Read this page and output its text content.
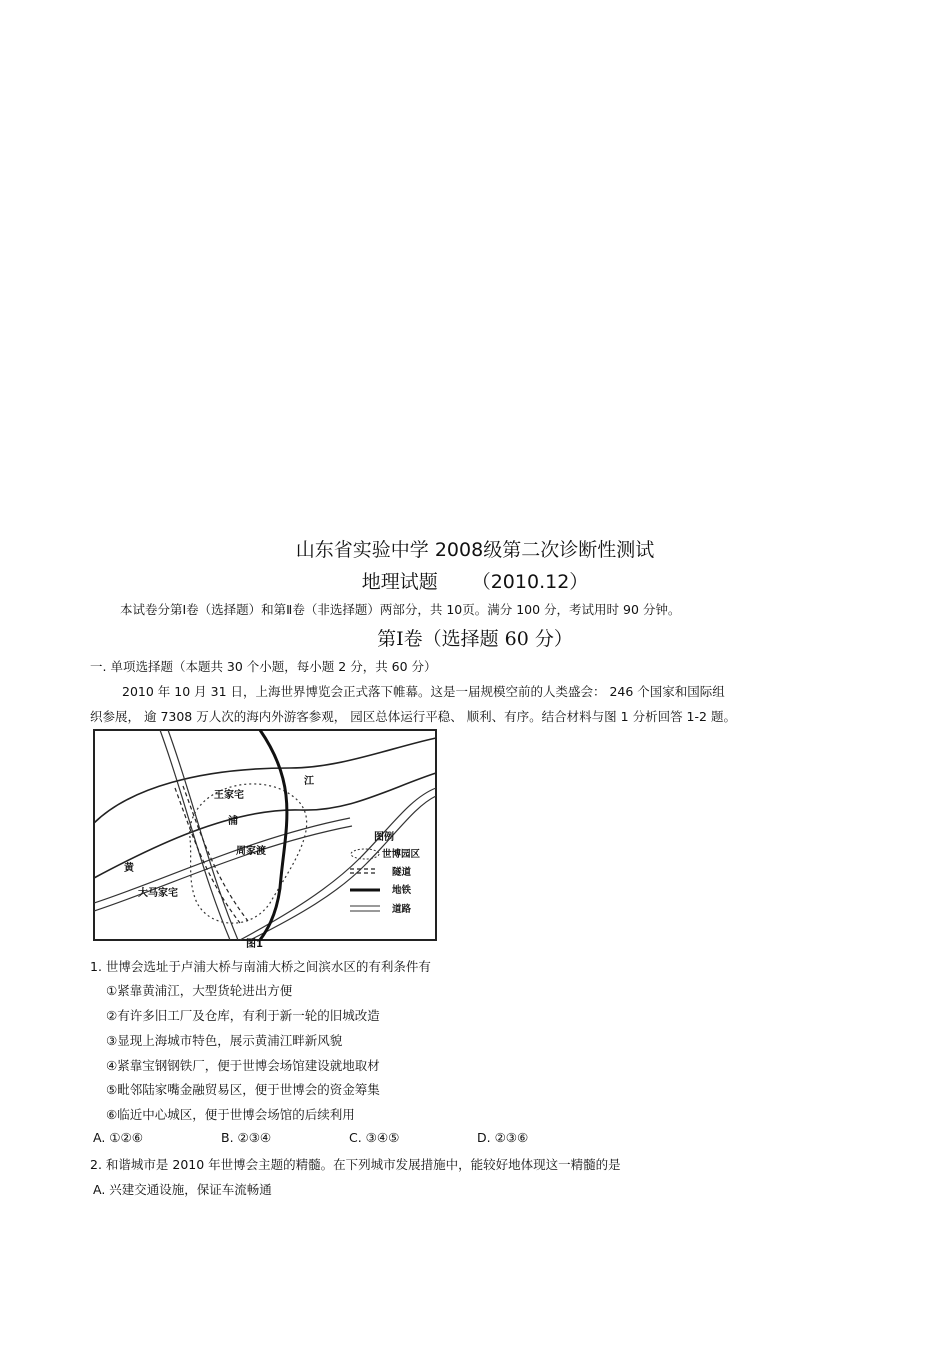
山东省实验中学 2008级第二次诊断性测试
地理试题 （2010.12）
本试卷分第Ⅰ卷（选择题）和第Ⅱ卷（非选择题）两部分，共 10页。满分 100 分，考试用时 90 分钟。
第Ⅰ卷（选择题 60 分）
一. 单项选择题（本题共 30 个小题，每小题 2 分，共 60 分）
2010 年 10 月 31 日，上海世界博览会正式落下帷幕。这是一届规模空前的人类盛会： 246 个国家和国际组
织参展， 逾 7308 万人次的海内外游客参观， 园区总体运行平稳、 顺利、有序。结合材料与图 1 分析回答 1-2 题。
王家宅
浦
周家渡
黄
大马家宅
江
图例
世博园区
隧道
地铁
道路
图1
1. 世博会选址于卢浦大桥与南浦大桥之间滨水区的有利条件有
①紧靠黄浦江，大型货轮进出方便
②有许多旧工厂及仓库，有利于新一轮的旧城改造
③显现上海城市特色，展示黄浦江畔新风貌
④紧靠宝钢钢铁厂，便于世博会场馆建设就地取材
⑤毗邻陆家嘴金融贸易区，便于世博会的资金筹集
⑥临近中心城区，便于世博会场馆的后续利用
A. ①②⑥	B. ②③④	C. ③④⑤	D. ②③⑥
2. 和谐城市是 2010 年世博会主题的精髓。在下列城市发展措施中，能较好地体现这一精髓的是
A. 兴建交通设施，保证车流畅通
